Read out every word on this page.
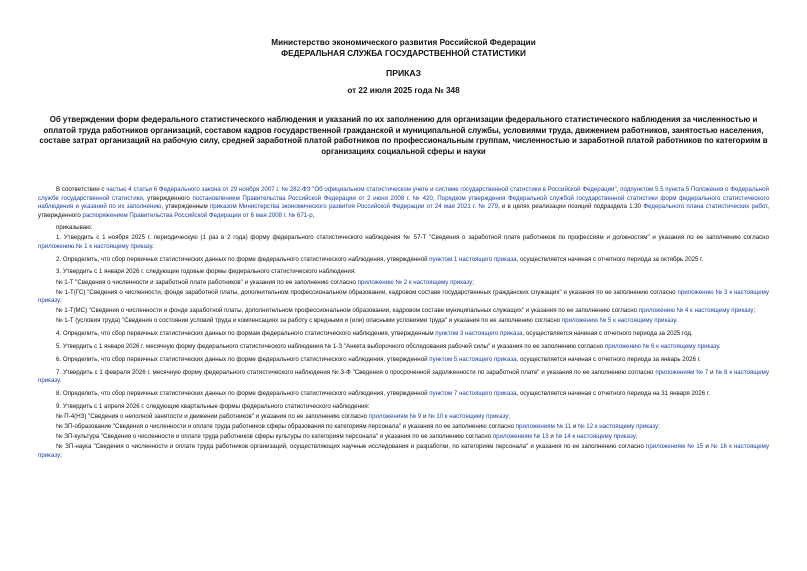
Министерство экономического развития Российской Федерации
ФЕДЕРАЛЬНАЯ СЛУЖБА ГОСУДАРСТВЕННОЙ СТАТИСТИКИ
ПРИКАЗ
от 22 июля 2025 года № 348
Об утверждении форм федерального статистического наблюдения и указаний по их заполнению для организации федерального статистического наблюдения за численностью и оплатой труда работников организаций, составом кадров государственной гражданской и муниципальной службы, условиями труда, движением работников, занятостью населения, составе затрат организаций на рабочую силу, средней заработной платой работников по профессиональным группам, численностью и заработной платой работников по категориям в организациях социальной сферы и науки

В соответствии с частью 4 статьи 6 Федерального закона от 29 ноября 2007 г. № 282-ФЗ "Об официальном статистическом учете и системе государственной статистики в Российской Федерации", подпунктом 5.5 пункта 5 Положения о Федеральной службе государственной статистики, утвержденного постановлением Правительства Российской Федерации от 2 июня 2008 г. № 420, Порядком утверждения Федеральной службой государственной статистики форм федерального статистического наблюдения и указаний по их заполнению, утвержденным приказом Министерства экономического развития Российской Федерации от 24 мая 2021 г. № 279, и в целях реализации позиций подраздела 1.30 Федерального плана статистических работ, утвержденного распоряжением Правительства Российской Федерации от 6 мая 2008 г. № 671-р,

приказываю:

1. Утвердить с 1 ноября 2025 г. периодическую (1 раз в 2 года) форму федерального статистического наблюдения № 57-Т "Сведения о заработной плате работников по профессиям и должностям" и указания по ее заполнению согласно приложению № 1 к настоящему приказу.

2. Определить, что сбор первичных статистических данных по форме федерального статистического наблюдения, утвержденной пунктом 1 настоящего приказа, осуществляется начиная с отчетного периода за октябрь 2025 г.

3. Утвердить с 1 января 2026 г. следующие годовые формы федерального статистического наблюдения:

№ 1-Т "Сведения о численности и заработной плате работников" и указания по ее заполнению согласно приложению № 2 к настоящему приказу;

№ 1-Т(ГС) "Сведения о численности, фонде заработной платы, дополнительном профессиональном образовании, кадровом составе государственных гражданских служащих" и указания по ее заполнению согласно приложению № 3 к настоящему приказу;

№ 1-Т(МС) "Сведения о численности и фонде заработной платы, дополнительном профессиональном образовании, кадровом составе муниципальных служащих" и указания по ее заполнению согласно приложению № 4 к настоящему приказу;

№ 1-Т (условия труда) "Сведения о состоянии условий труда и компенсациях за работу с вредными и (или) опасными условиями труда" и указания по ее заполнению согласно приложению № 5 к настоящему приказу.

4. Определить, что сбор первичных статистических данных по формам федерального статистического наблюдения, утвержденным пунктом 3 настоящего приказа, осуществляется начиная с отчетного периода за 2025 год.

5. Утвердить с 1 января 2026 г. месячную форму федерального статистического наблюдения № 1-З "Анкета выборочного обследования рабочей силы" и указания по ее заполнению согласно приложению № 6 к настоящему приказу.

6. Определить, что сбор первичных статистических данных по форме федерального статистического наблюдения, утвержденной пунктом 5 настоящего приказа, осуществляется начиная с отчетного периода за январь 2026 г.

7. Утвердить с 1 февраля 2026 г. месячную форму федерального статистического наблюдения № 3-Ф "Сведения о просроченной задолженности по заработной плате" и указания по ее заполнению согласно приложениям № 7 и № 8 к настоящему приказу.

8. Определить, что сбор первичных статистических данных по форме федерального статистического наблюдения, утвержденной пунктом 7 настоящего приказа, осуществляется начиная с отчетного периода на 31 января 2026 г.

9. Утвердить с 1 апреля 2026 г. следующие квартальные формы федерального статистического наблюдения:

№ П-4(НЗ) "Сведения о неполной занятости и движении работников" и указания по ее заполнению согласно приложениям № 9 и № 10 к настоящему приказу;

№ ЗП-образование "Сведения о численности и оплате труда работников сферы образования по категориям персонала" и указания по ее заполнению согласно приложениям № 11 и № 12 к настоящему приказу;

№ ЗП-культура "Сведения о численности и оплате труда работников сферы культуры по категориям персонала" и указания по ее заполнению согласно приложениям № 13 и № 14 к настоящему приказу;

№ ЗП-наука "Сведения о численности и оплате труда работников организаций, осуществляющих научные исследования и разработки, по категориям персонала" и указания по ее заполнению согласно приложениям № 15 и № 16 к настоящему приказу;
